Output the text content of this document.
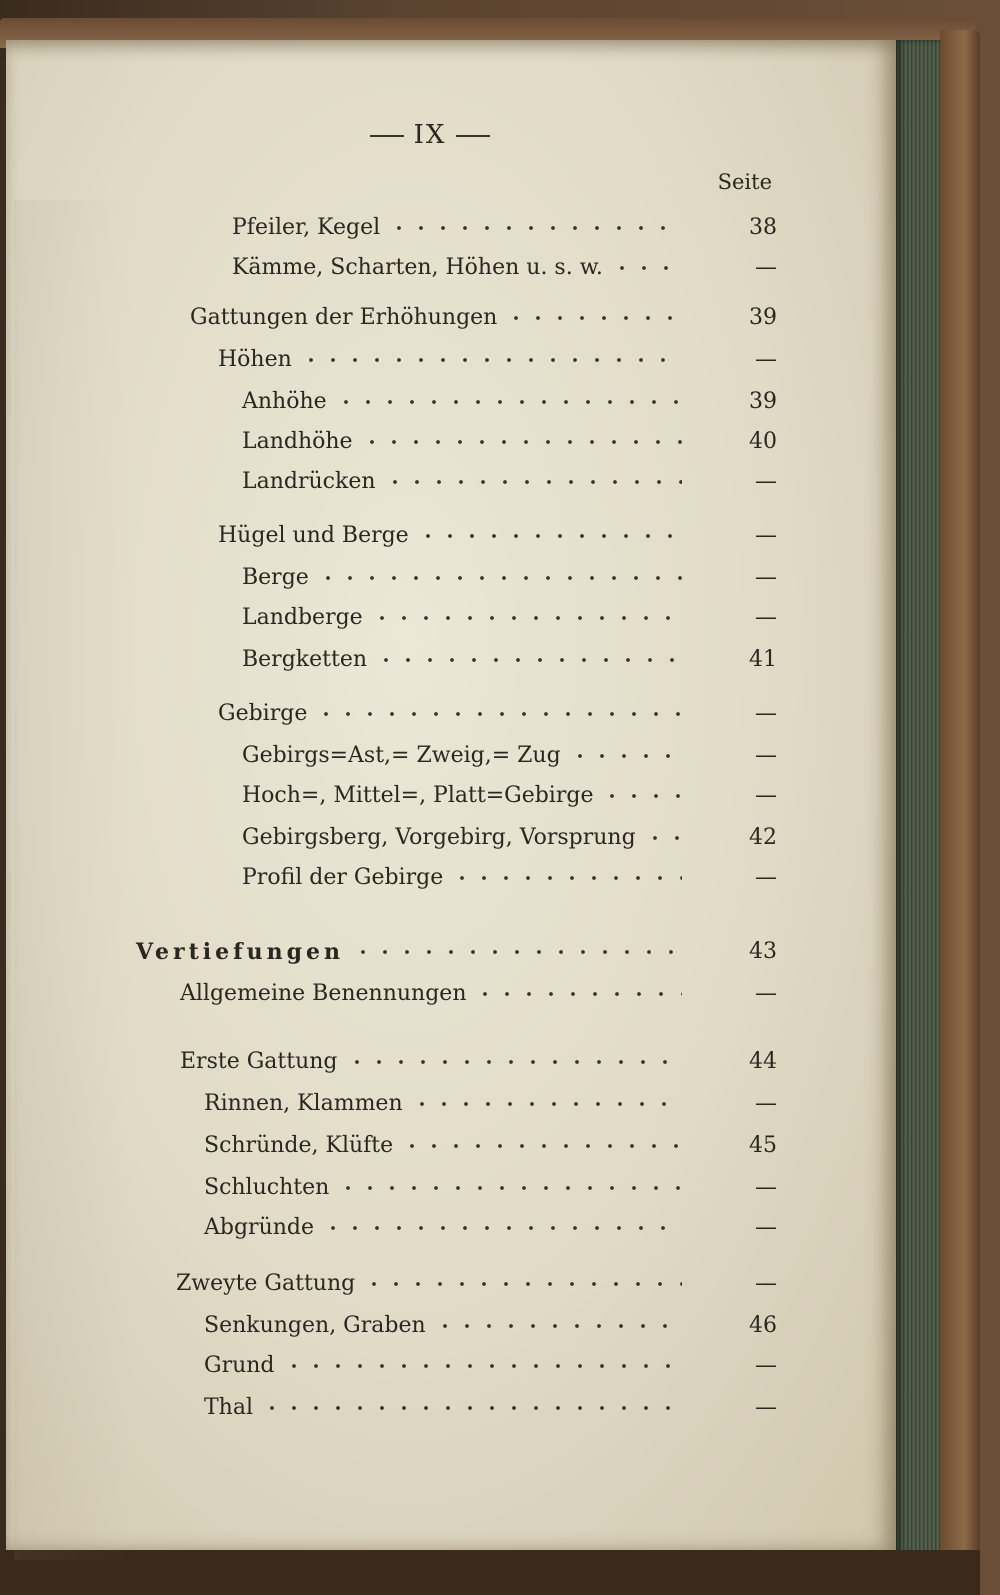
IX
Seite
Pfeiler, Kegel	38
Kämme, Scharten, Höhen u. s. w.	—
Gattungen der Erhöhungen	39
Höhen	—
Anhöhe	39
Landhöhe	40
Landrücken	—
Hügel und Berge	—
Berge	—
Landberge	—
Bergketten	41
Gebirge	—
Gebirgs=Ast,= Zweig,= Zug	—
Hoch=, Mittel=, Platt=Gebirge	—
Gebirgsberg, Vorgebirg, Vorsprung	42
Profil der Gebirge	—
Vertiefungen	43
Allgemeine Benennungen	—
Erste Gattung	44
Rinnen, Klammen	—
Schründe, Klüfte	45
Schluchten	—
Abgründe	—
Zweyte Gattung	—
Senkungen, Graben	46
Grund	—
Thal	—
